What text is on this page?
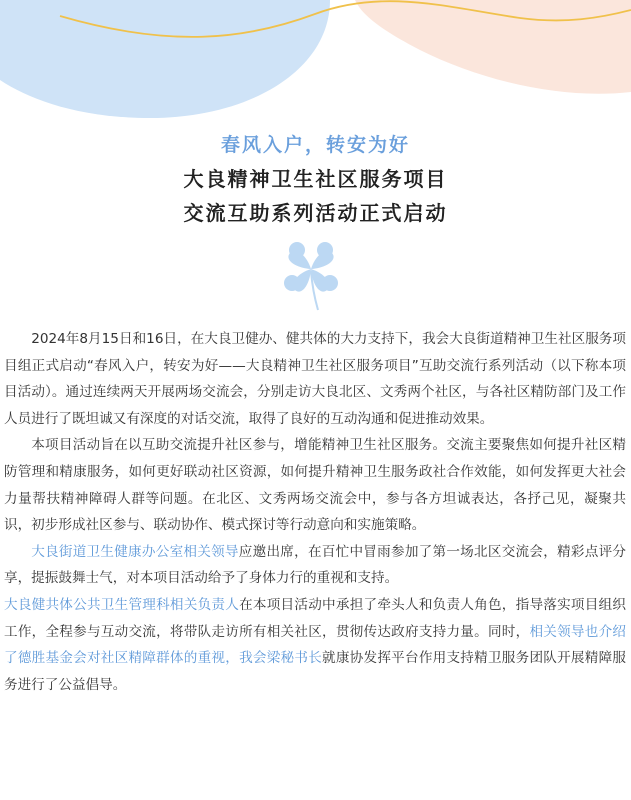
春风入户，转安为好
大良精神卫生社区服务项目
交流互助系列活动正式启动

2024年8月15日和16日，在大良卫健办、健共体的大力支持下，我会大良街道精神卫生社区服务项目组正式启动“春风入户，转安为好——大良精神卫生社区服务项目”互助交流行系列活动（以下称本项目活动）。通过连续两天开展两场交流会，分别走访大良北区、文秀两个社区，与各社区精防部门及工作人员进行了既坦诚又有深度的对话交流，取得了良好的互动沟通和促进推动效果。

本项目活动旨在以互助交流提升社区参与，增能精神卫生社区服务。交流主要聚焦如何提升社区精防管理和精康服务，如何更好联动社区资源，如何提升精神卫生服务政社合作效能，如何发挥更大社会力量帮扶精神障碍人群等问题。在北区、文秀两场交流会中，参与各方坦诚表达，各抒己见，凝聚共识，初步形成社区参与、联动协作、模式探讨等行动意向和实施策略。

大良街道卫生健康办公室相关领导应邀出席，在百忙中冒雨参加了第一场北区交流会，精彩点评分享，提振鼓舞士气，对本项目活动给予了身体力行的重视和支持。

大良健共体公共卫生管理科相关负责人在本项目活动中承担了牵头人和负责人角色，指导落实项目组织工作，全程参与互动交流，将带队走访所有相关社区，贯彻传达政府支持力量。同时，相关领导也介绍了德胜基金会对社区精障群体的重视，我会梁秘书长就康协发挥平台作用支持精卫服务团队开展精障服务进行了公益倡导。
